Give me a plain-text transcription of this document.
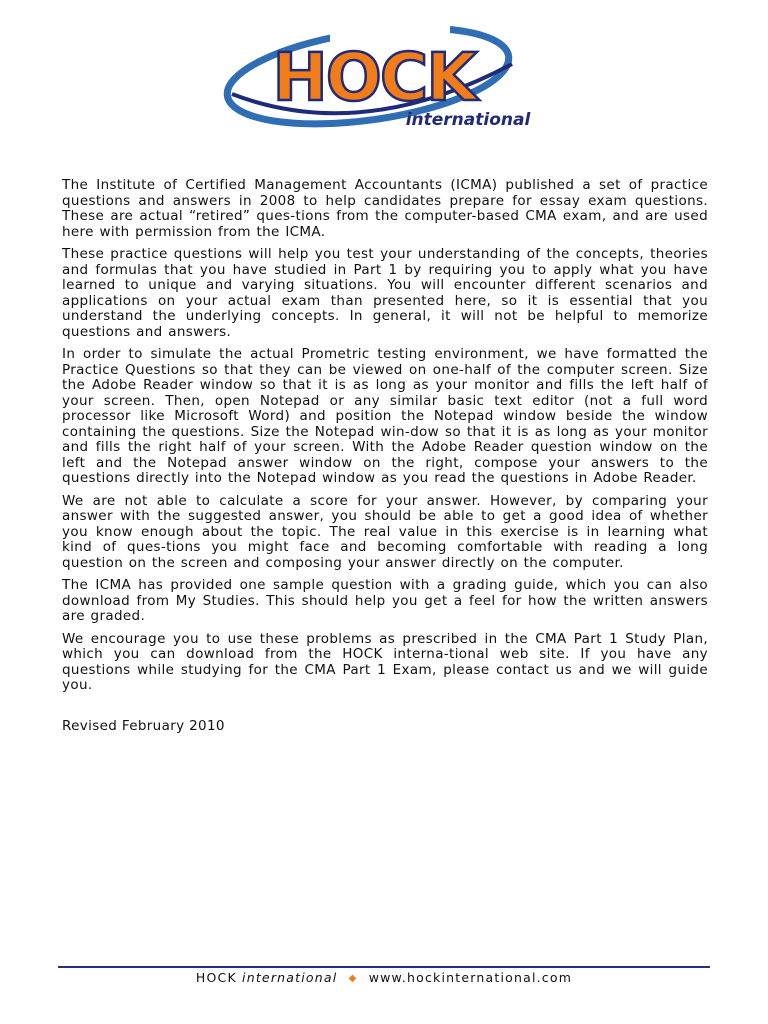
HOCK
international

The Institute of Certified Management Accountants (ICMA) published a set of practice questions and answers in 2008 to help candidates prepare for essay exam questions. These are actual “retired” ques-tions from the computer-based CMA exam, and are used here with permission from the ICMA.

These practice questions will help you test your understanding of the concepts, theories and formulas that you have studied in Part 1 by requiring you to apply what you have learned to unique and varying situations. You will encounter different scenarios and applications on your actual exam than presented here, so it is essential that you understand the underlying concepts. In general, it will not be helpful to memorize questions and answers.

In order to simulate the actual Prometric testing environment, we have formatted the Practice Questions so that they can be viewed on one-half of the computer screen. Size the Adobe Reader window so that it is as long as your monitor and fills the left half of your screen. Then, open Notepad or any similar basic text editor (not a full word processor like Microsoft Word) and position the Notepad window beside the window containing the questions. Size the Notepad win-dow so that it is as long as your monitor and fills the right half of your screen. With the Adobe Reader question window on the left and the Notepad answer window on the right, compose your answers to the questions directly into the Notepad window as you read the questions in Adobe Reader.

We are not able to calculate a score for your answer. However, by comparing your answer with the suggested answer, you should be able to get a good idea of whether you know enough about the topic. The real value in this exercise is in learning what kind of ques-tions you might face and becoming comfortable with reading a long question on the screen and composing your answer directly on the computer.

The ICMA has provided one sample question with a grading guide, which you can also download from My Studies. This should help you get a feel for how the written answers are graded.

We encourage you to use these problems as prescribed in the CMA Part 1 Study Plan, which you can download from the HOCK interna-tional web site. If you have any questions while studying for the CMA Part 1 Exam, please contact us and we will guide you.

Revised February 2010
HOCK international ◆ www.hockinternational.com
